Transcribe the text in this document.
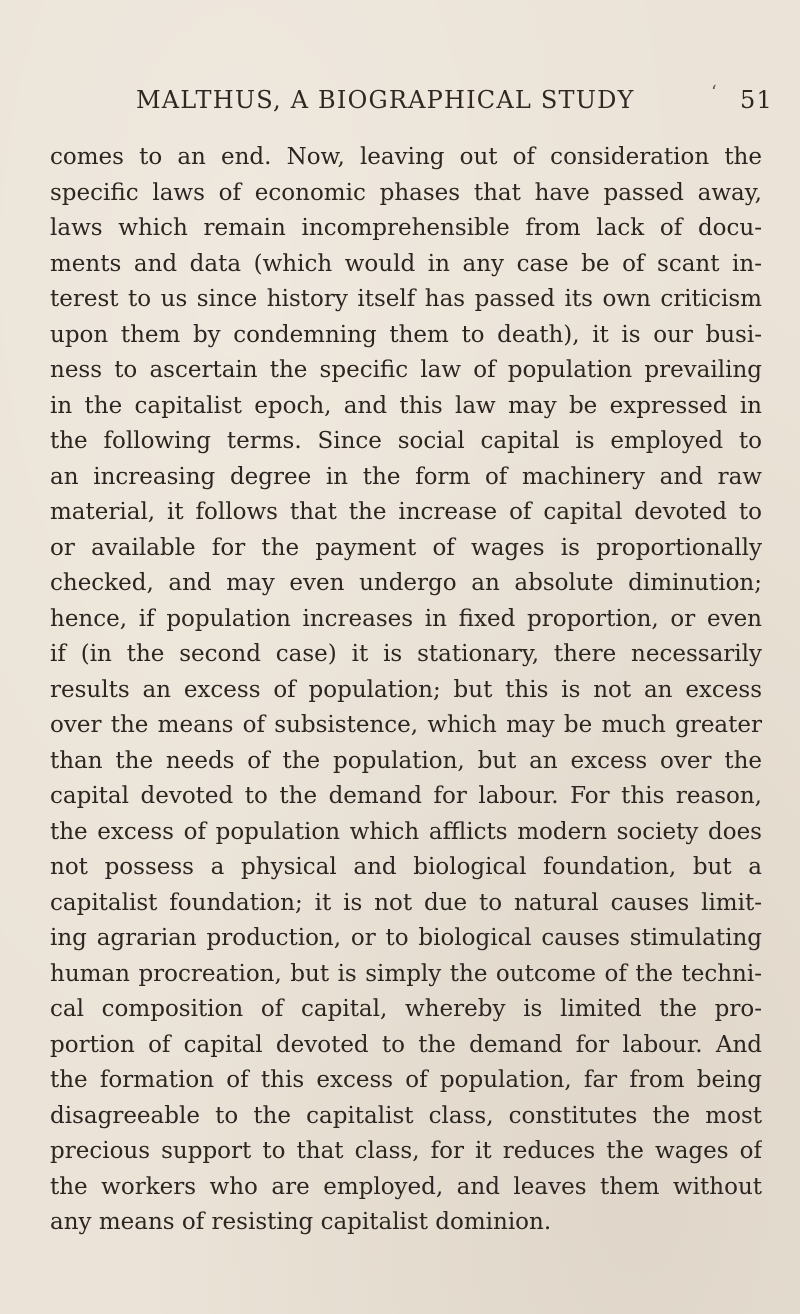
MALTHUS, A BIOGRAPHICAL STUDY	‘ 51
comes to an end. Now, leaving out of consideration the
specific laws of economic phases that have passed away,
laws which remain incomprehensible from lack of docu-
ments and data (which would in any case be of scant in-
terest to us since history itself has passed its own criticism
upon them by condemning them to death), it is our busi-
ness to ascertain the specific law of population prevailing
in the capitalist epoch, and this law may be expressed in
the following terms. Since social capital is employed to
an increasing degree in the form of machinery and raw
material, it follows that the increase of capital devoted to
or available for the payment of wages is proportionally
checked, and may even undergo an absolute diminution;
hence, if population increases in fixed proportion, or even
if (in the second case) it is stationary, there necessarily
results an excess of population; but this is not an excess
over the means of subsistence, which may be much greater
than the needs of the population, but an excess over the
capital devoted to the demand for labour. For this reason,
the excess of population which afflicts modern society does
not possess a physical and biological foundation, but a
capitalist foundation; it is not due to natural causes limit-
ing agrarian production, or to biological causes stimulating
human procreation, but is simply the outcome of the techni-
cal composition of capital, whereby is limited the pro-
portion of capital devoted to the demand for labour. And
the formation of this excess of population, far from being
disagreeable to the capitalist class, constitutes the most
precious support to that class, for it reduces the wages of
the workers who are employed, and leaves them without
any means of resisting capitalist dominion.
